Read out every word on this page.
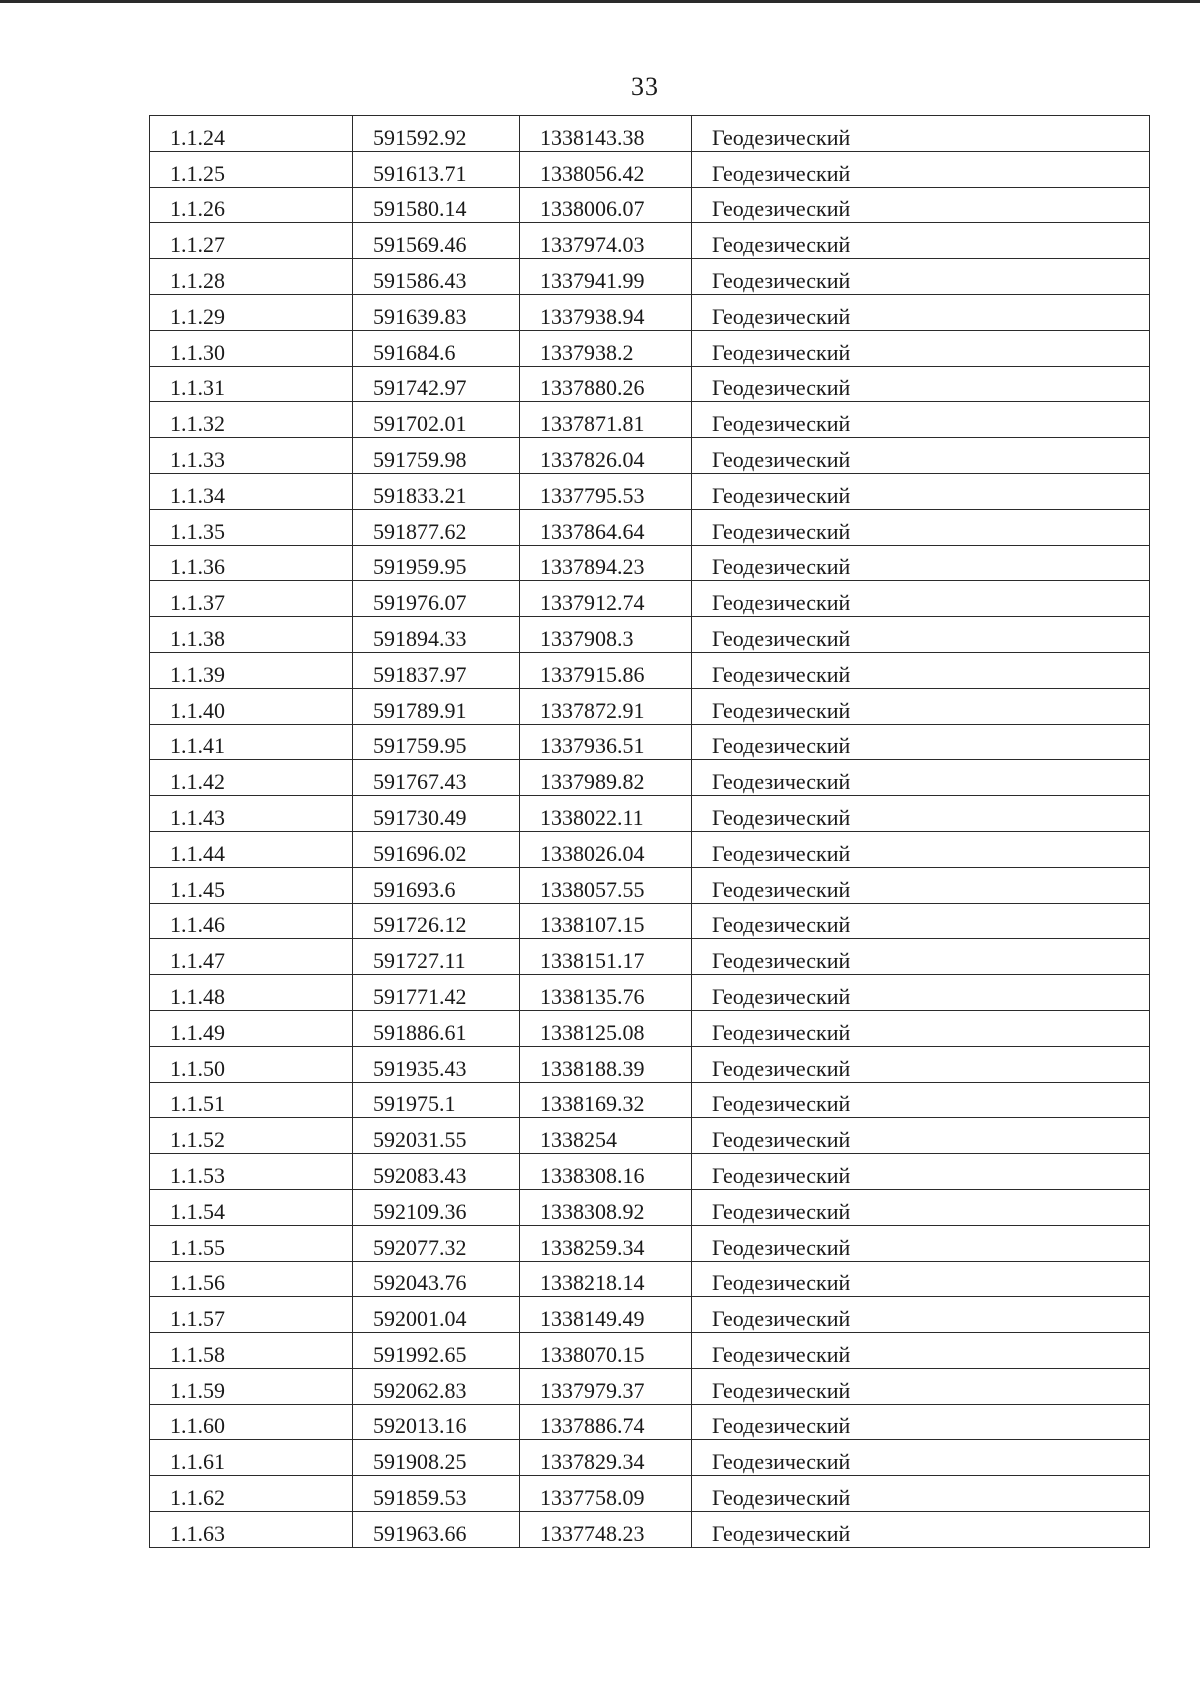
33
1.1.24	591592.92	1338143.38	Геодезический
1.1.25	591613.71	1338056.42	Геодезический
1.1.26	591580.14	1338006.07	Геодезический
1.1.27	591569.46	1337974.03	Геодезический
1.1.28	591586.43	1337941.99	Геодезический
1.1.29	591639.83	1337938.94	Геодезический
1.1.30	591684.6	1337938.2	Геодезический
1.1.31	591742.97	1337880.26	Геодезический
1.1.32	591702.01	1337871.81	Геодезический
1.1.33	591759.98	1337826.04	Геодезический
1.1.34	591833.21	1337795.53	Геодезический
1.1.35	591877.62	1337864.64	Геодезический
1.1.36	591959.95	1337894.23	Геодезический
1.1.37	591976.07	1337912.74	Геодезический
1.1.38	591894.33	1337908.3	Геодезический
1.1.39	591837.97	1337915.86	Геодезический
1.1.40	591789.91	1337872.91	Геодезический
1.1.41	591759.95	1337936.51	Геодезический
1.1.42	591767.43	1337989.82	Геодезический
1.1.43	591730.49	1338022.11	Геодезический
1.1.44	591696.02	1338026.04	Геодезический
1.1.45	591693.6	1338057.55	Геодезический
1.1.46	591726.12	1338107.15	Геодезический
1.1.47	591727.11	1338151.17	Геодезический
1.1.48	591771.42	1338135.76	Геодезический
1.1.49	591886.61	1338125.08	Геодезический
1.1.50	591935.43	1338188.39	Геодезический
1.1.51	591975.1	1338169.32	Геодезический
1.1.52	592031.55	1338254	Геодезический
1.1.53	592083.43	1338308.16	Геодезический
1.1.54	592109.36	1338308.92	Геодезический
1.1.55	592077.32	1338259.34	Геодезический
1.1.56	592043.76	1338218.14	Геодезический
1.1.57	592001.04	1338149.49	Геодезический
1.1.58	591992.65	1338070.15	Геодезический
1.1.59	592062.83	1337979.37	Геодезический
1.1.60	592013.16	1337886.74	Геодезический
1.1.61	591908.25	1337829.34	Геодезический
1.1.62	591859.53	1337758.09	Геодезический
1.1.63	591963.66	1337748.23	Геодезический
